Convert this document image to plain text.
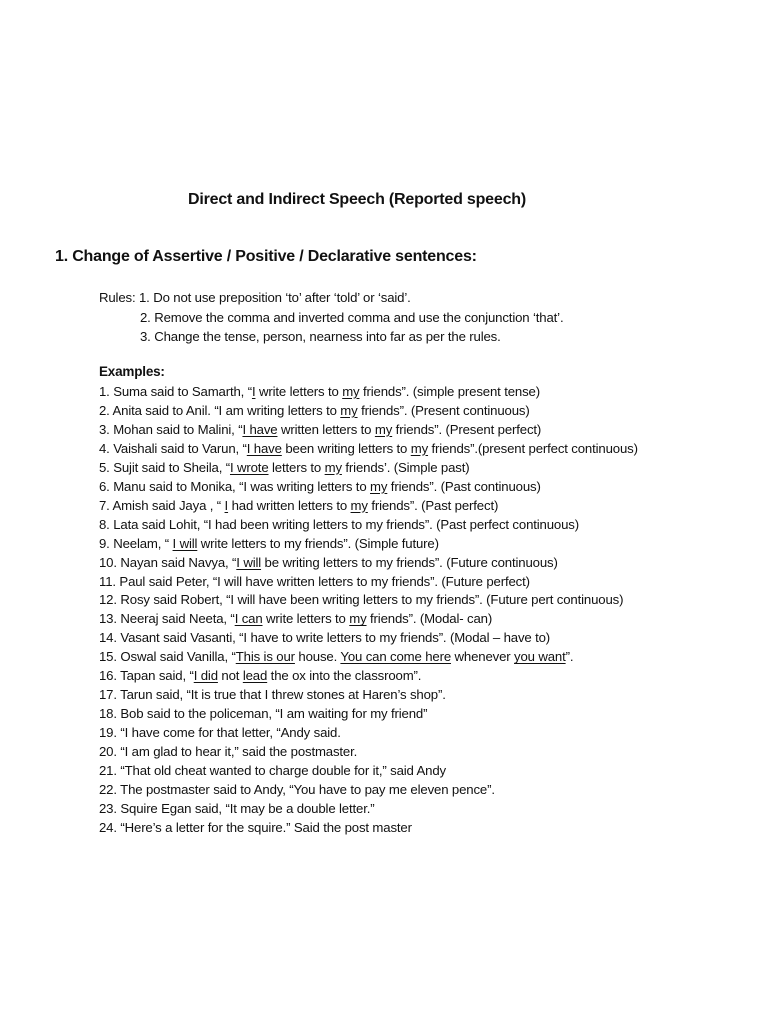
Direct and Indirect Speech (Reported speech)
1. Change of Assertive / Positive / Declarative sentences:
Rules: 1. Do not use preposition ‘to’ after ‘told’ or ‘said’.
2. Remove the comma and inverted comma and use the conjunction ‘that’.
3. Change the tense, person, nearness into far as per the rules.
Examples:
1. Suma said to Samarth, “I write letters to my friends”. (simple present tense)
2. Anita said to Anil. “I am writing letters to my friends”. (Present continuous)
3. Mohan said to Malini, “I have written letters to my friends”. (Present perfect)
4. Vaishali said to Varun, “I have been writing letters to my friends”.(present perfect continuous)
5. Sujit said to Sheila, “I wrote letters to my friends’. (Simple past)
6. Manu said to Monika, “I was writing letters to my friends”. (Past continuous)
7. Amish said Jaya , “ I had written letters to my friends”. (Past perfect)
8. Lata said Lohit, “I had been writing letters to my friends”. (Past perfect continuous)
9. Neelam, “ I will write letters to my friends”. (Simple future)
10. Nayan said Navya, “I will be writing letters to my friends”. (Future continuous)
11. Paul said Peter, “I will have written letters to my friends”. (Future perfect)
12. Rosy said Robert, “I will have been writing letters to my friends”. (Future pert continuous)
13. Neeraj said Neeta, “I can write letters to my friends”. (Modal- can)
14. Vasant said Vasanti, “I have to write letters to my friends”. (Modal – have to)
15. Oswal said Vanilla, “This is our house. You can come here whenever you want”.
16. Tapan said, “I did not lead the ox into the classroom”.
17. Tarun said, “It is true that I threw stones at Haren’s shop”.
18. Bob said to the policeman, “I am waiting for my friend”
19. “I have come for that letter, “Andy said.
20. “I am glad to hear it,” said the postmaster.
21. “That old cheat wanted to charge double for it,” said Andy
22. The postmaster said to Andy, “You have to pay me eleven pence”.
23. Squire Egan said, “It may be a double letter.”
24. “Here’s a letter for the squire.” Said the post master
